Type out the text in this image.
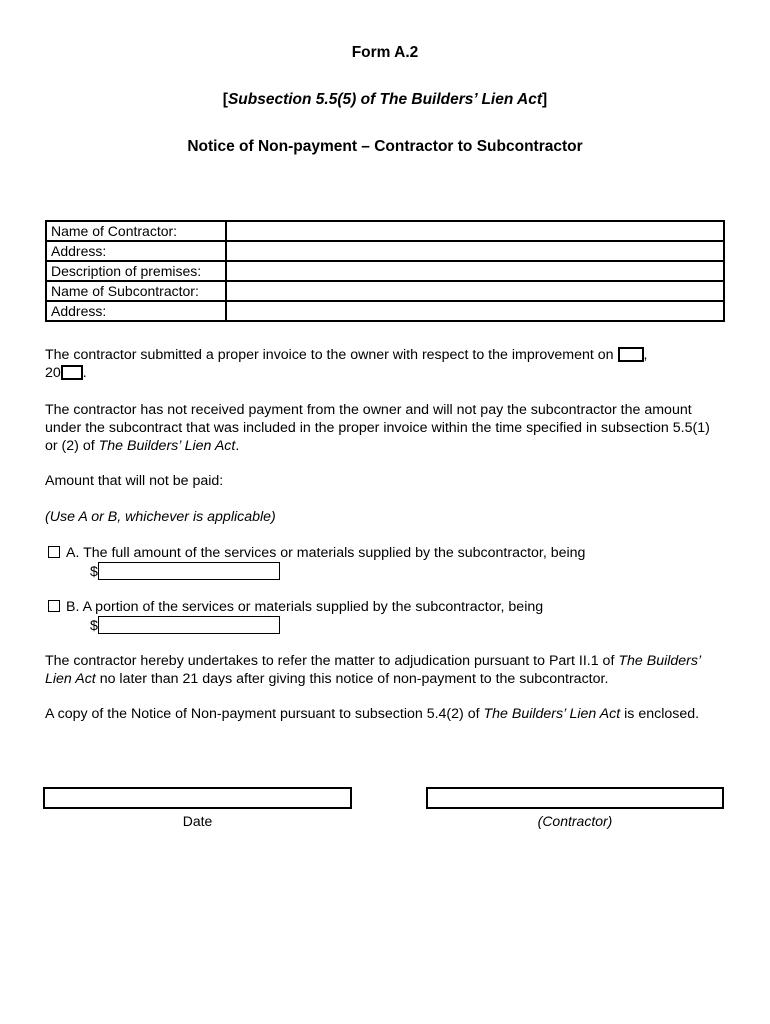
Form A.2
[Subsection 5.5(5) of The Builders’ Lien Act]
Notice of Non-payment – Contractor to Subcontractor
Name of Contractor:	

Address:	

Description of premises:	

Name of Subcontractor:	

Address:	
The contractor submitted a proper invoice to the owner with respect to the improvement on ,
20 .
The contractor has not received payment from the owner and will not pay the subcontractor the amount under the subcontract that was included in the proper invoice within the time specified in subsection 5.5(1) or (2) of The Builders’ Lien Act.
Amount that will not be paid:
(Use A or B, whichever is applicable)
A. The full amount of the services or materials supplied by the subcontractor, being
$
B. A portion of the services or materials supplied by the subcontractor, being
$
The contractor hereby undertakes to refer the matter to adjudication pursuant to Part II.1 of The Builders’ Lien Act no later than 21 days after giving this notice of non-payment to the subcontractor.
A copy of the Notice of Non-payment pursuant to subsection 5.4(2) of The Builders’ Lien Act is enclosed.
Date	(Contractor)
